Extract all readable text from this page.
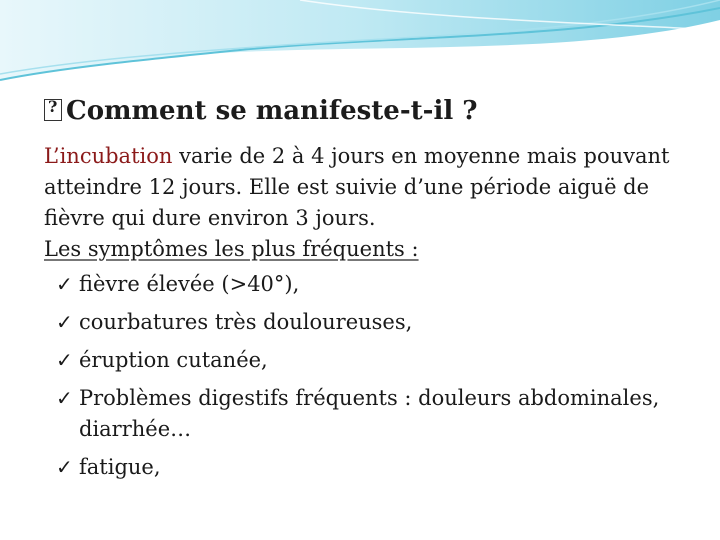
?Comment se manifeste-t-il ?

L’incubation varie de 2 à 4 jours en moyenne mais pouvant atteindre 12 jours. Elle est suivie d’une période aiguë de fièvre qui dure environ 3 jours.

Les symptômes les plus fréquents :

✓ fièvre élevée (>40°),
✓ courbatures très douloureuses,
✓ éruption cutanée,
✓ Problèmes digestifs fréquents : douleurs abdominales, diarrhée…
✓ fatigue,
